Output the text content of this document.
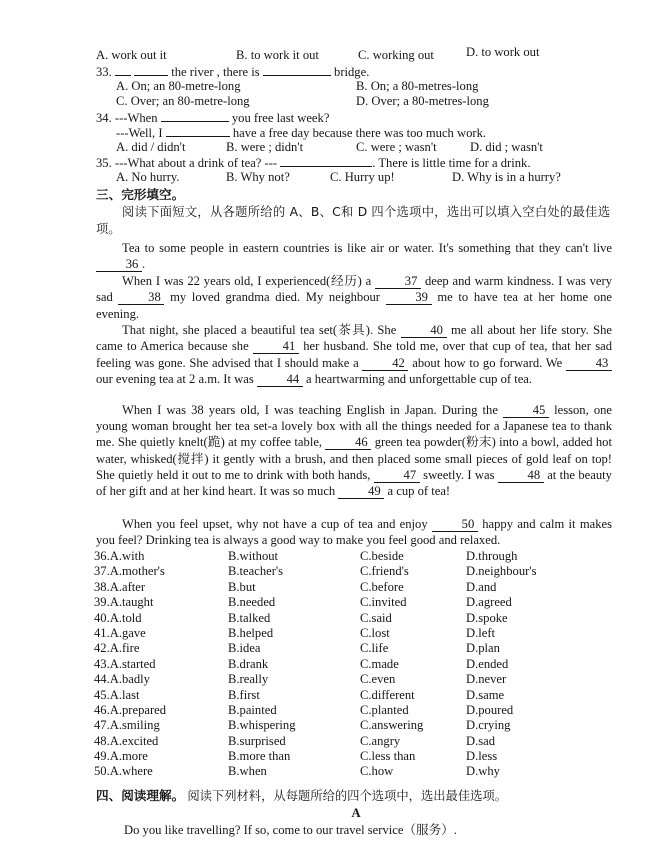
A. work out it	B. to work it out	C. working out	D. to work out
33.	the river , there is	bridge.
A. On; an 80-metre-long	B. On; a 80-metres-long
C. Over; an 80-metre-long	D. Over; a 80-metres-long
34. ---When	you free last week?
---Well, I	have a free day because there was too much work.
A. did / didn't	B. were ; didn't	C. were ; wasn't	D. did ; wasn't
35. ---What about a drink of tea? ---	. There is little time for a drink.
A. No hurry.	B. Why not?	C. Hurry up!	D. Why is in a hurry?
三、完形填空。
阅读下面短文，从各题所给的 A、B、C和 D 四个选项中，选出可以填入空白处的最佳选项。
Tea to some people in eastern countries is like air or water. It's something that they can't live 36 .
When I was 22 years old, I experienced(经历) a	37 deep and warm kindness. I was very sad	38 my loved grandma died. My neighbour	39 me to have tea at her home one evening.
That night, she placed a beautiful tea set(茶具). She	40 me all about her life story. She came to America because she	41 her husband. She told me, over that cup of tea, that her sad feeling was gone. She advised that I should make a	42 about how to go forward. We	43 our evening tea at 2 a.m. It was	44 a heartwarming and unforgettable cup of tea.
When I was 38 years old, I was teaching English in Japan. During the	45 lesson, one young woman brought her tea set-a lovely box with all the things needed for a Japanese tea to thank me. She quietly knelt(跪) at my coffee table,	46 green tea powder(粉末) into a bowl, added hot water, whisked(搅拌) it gently with a brush, and then placed some small pieces of gold leaf on top! She quietly held it out to me to drink with both hands,	47 sweetly. I was	48 at the beauty of her gift and at her kind heart. It was so much	49 a cup of tea!
When you feel upset, why not have a cup of tea and enjoy	50 happy and calm it makes you feel? Drinking tea is always a good way to make you feel good and relaxed.
36.A.with	B.without	C.beside	D.through
37.A.mother's	B.teacher's	C.friend's	D.neighbour's
38.A.after	B.but	C.before	D.and
39.A.taught	B.needed	C.invited	D.agreed
40.A.told	B.talked	C.said	D.spoke
41.A.gave	B.helped	C.lost	D.left
42.A.fire	B.idea	C.life	D.plan
43.A.started	B.drank	C.made	D.ended
44.A.badly	B.really	C.even	D.never
45.A.last	B.first	C.different	D.same
46.A.prepared	B.painted	C.planted	D.poured
47.A.smiling	B.whispering	C.answering	D.crying
48.A.excited	B.surprised	C.angry	D.sad
49.A.more	B.more than	C.less than	D.less
50.A.where	B.when	C.how	D.why
四、阅读理解。 阅读下列材料，从每题所给的四个选项中，选出最佳选项。
A
Do you like travelling? If so, come to our travel service（服务）.
